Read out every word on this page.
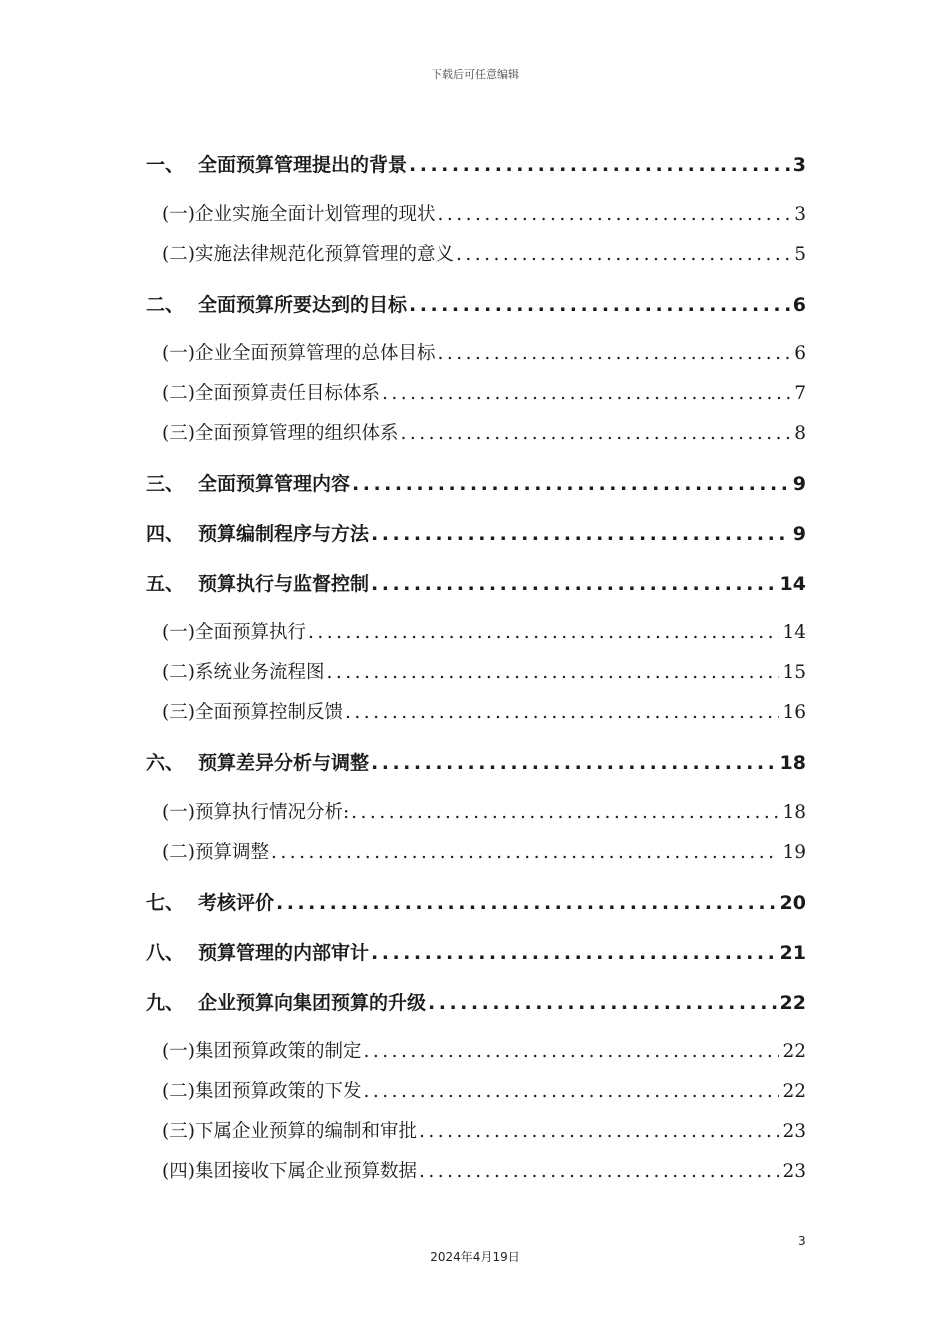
下载后可任意编辑
一、 全面预算管理提出的背景 .....	3
(一) 企业实施全面计划管理的现状 .....	3
(二) 实施法律规范化预算管理的意义 .....	5
二、 全面预算所要达到的目标 .....	6
(一) 企业全面预算管理的总体目标 .....	6
(二) 全面预算责任目标体系 .....	7
(三) 全面预算管理的组织体系 .....	8
三、 全面预算管理内容 .....	9
四、 预算编制程序与方法 .....	9
五、 预算执行与监督控制 .....	14
(一) 全面预算执行 .....	14
(二) 系统业务流程图 .....	15
(三) 全面预算控制反馈 .....	16
六、 预算差异分析与调整 .....	18
(一) 预算执行情况分析: .....	18
(二) 预算调整 .....	19
七、 考核评价 .....	20
八、 预算管理的内部审计 .....	21
九、 企业预算向集团预算的升级 .....	22
(一) 集团预算政策的制定 .....	22
(二) 集团预算政策的下发 .....	22
(三) 下属企业预算的编制和审批 .....	23
(四) 集团接收下属企业预算数据 .....	23
3
2024年4月19日
